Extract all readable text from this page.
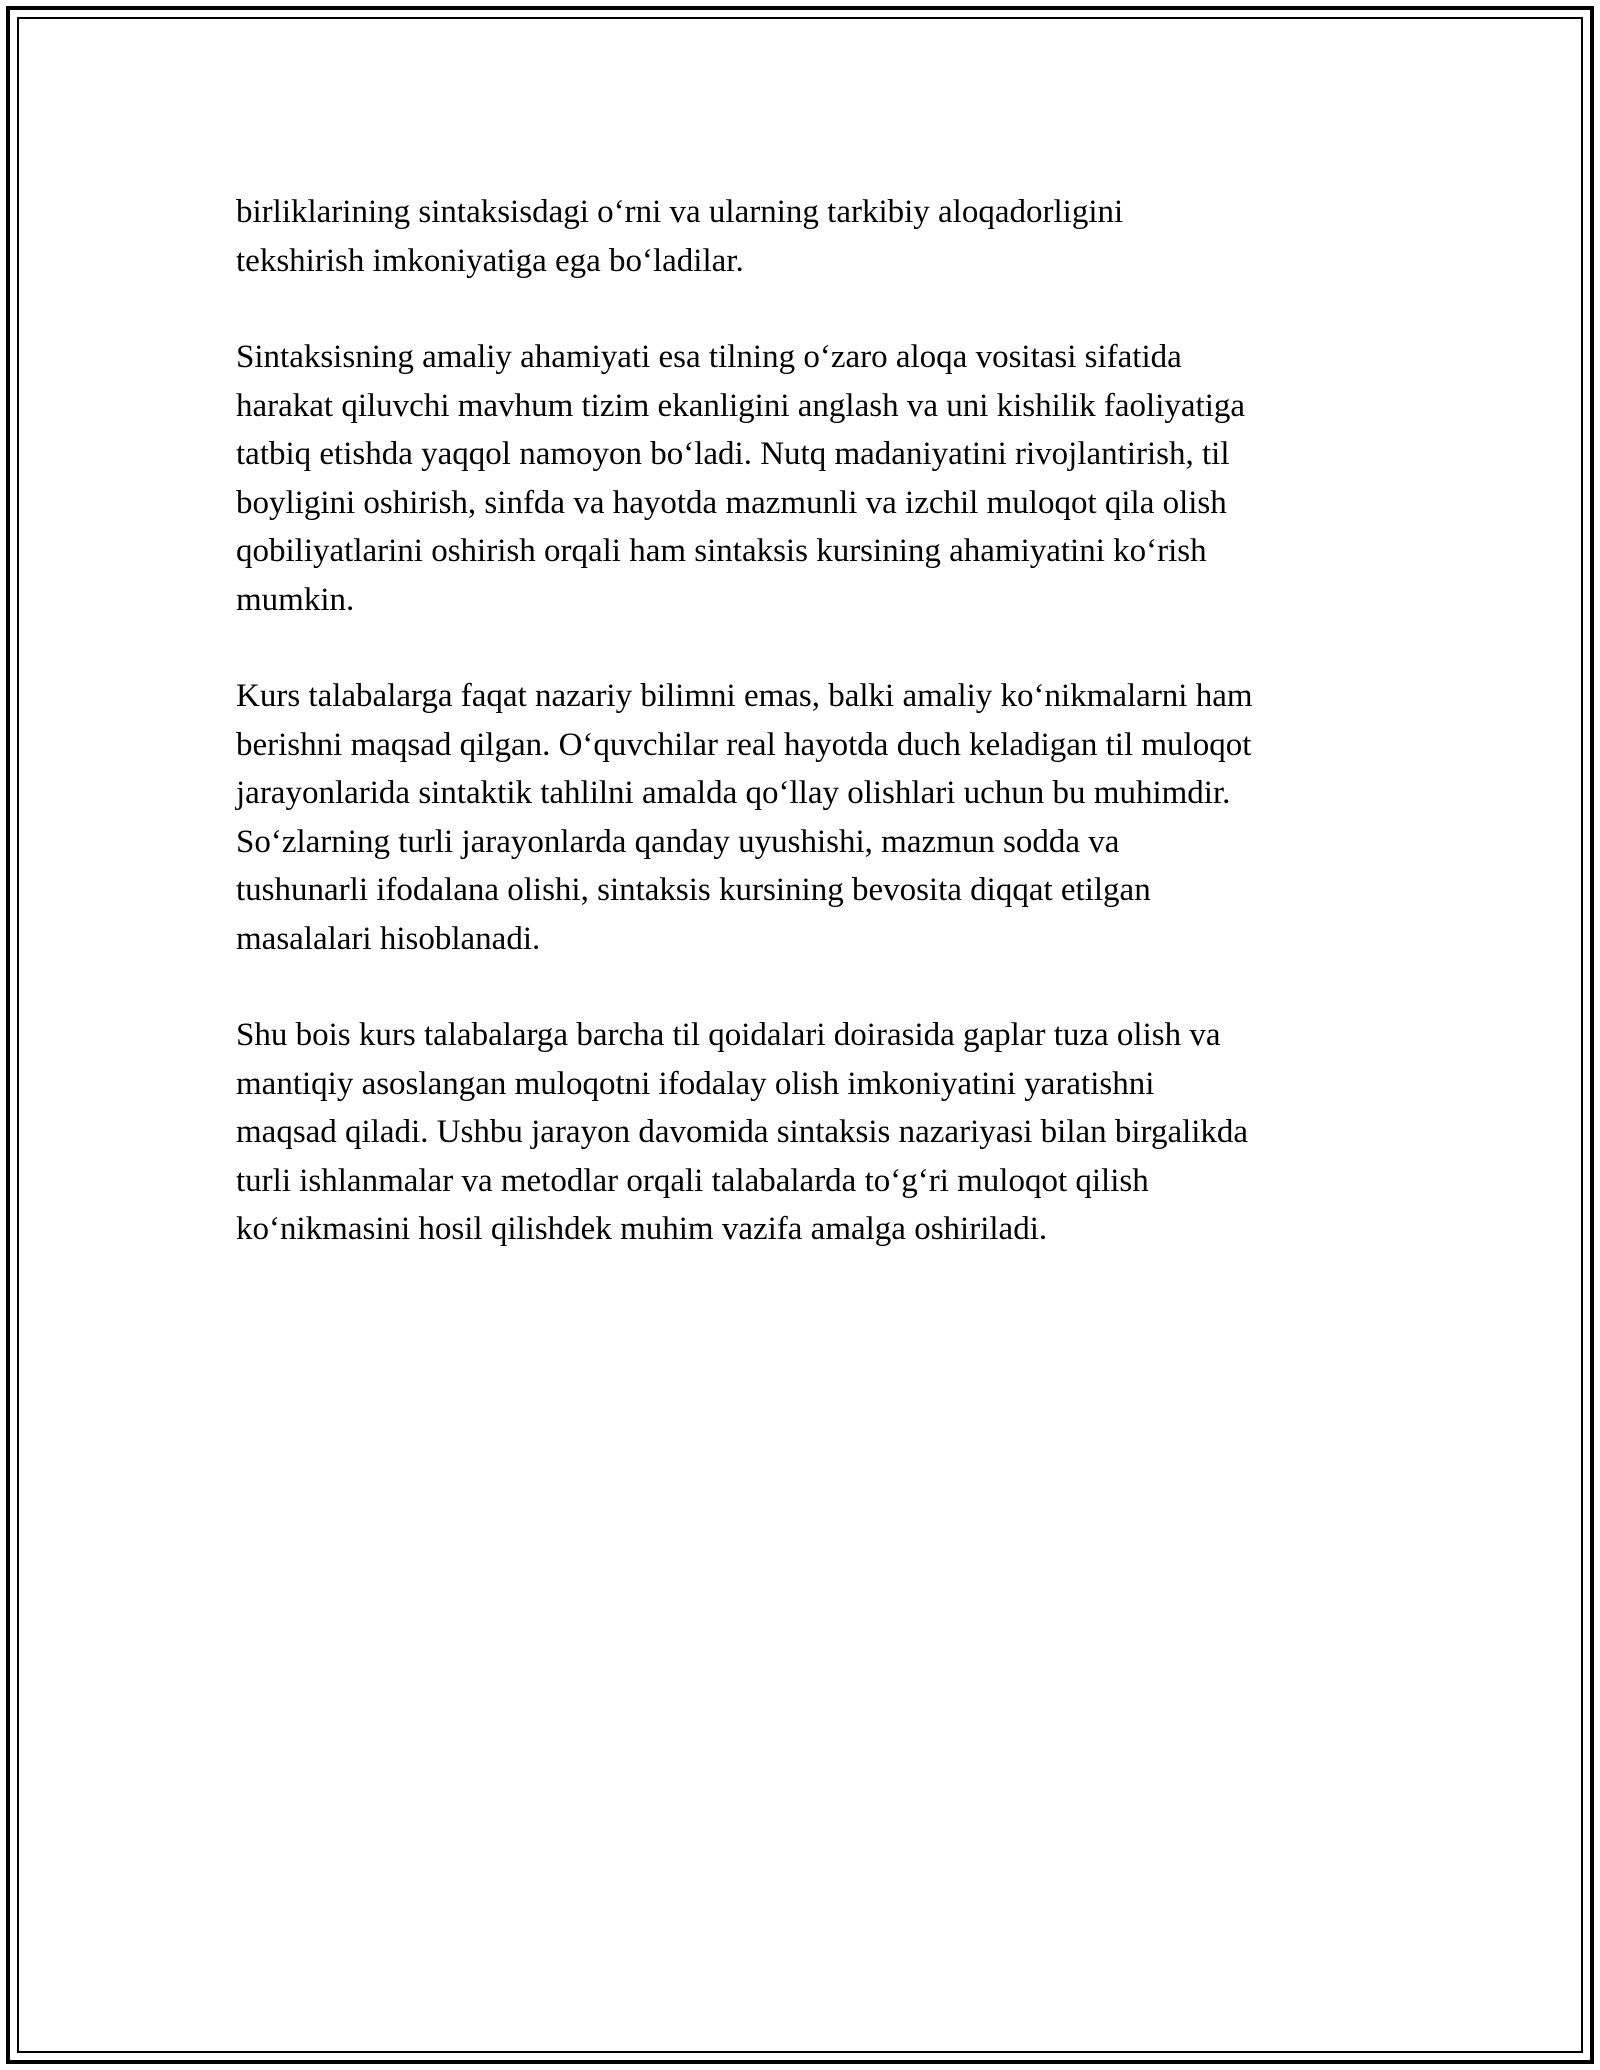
birliklarining sintaksisdagi o‘rni va ularning tarkibiy aloqadorligini
tekshirish imkoniyatiga ega bo‘ladilar.

Sintaksisning amaliy ahamiyati esa tilning o‘zaro aloqa vositasi sifatida
harakat qiluvchi mavhum tizim ekanligini anglash va uni kishilik faoliyatiga
tatbiq etishda yaqqol namoyon bo‘ladi. Nutq madaniyatini rivojlantirish, til
boyligini oshirish, sinfda va hayotda mazmunli va izchil muloqot qila olish
qobiliyatlarini oshirish orqali ham sintaksis kursining ahamiyatini ko‘rish
mumkin.

Kurs talabalarga faqat nazariy bilimni emas, balki amaliy ko‘nikmalarni ham
berishni maqsad qilgan. O‘quvchilar real hayotda duch keladigan til muloqot
jarayonlarida sintaktik tahlilni amalda qo‘llay olishlari uchun bu muhimdir.
So‘zlarning turli jarayonlarda qanday uyushishi, mazmun sodda va
tushunarli ifodalana olishi, sintaksis kursining bevosita diqqat etilgan
masalalari hisoblanadi.

Shu bois kurs talabalarga barcha til qoidalari doirasida gaplar tuza olish va
mantiqiy asoslangan muloqotni ifodalay olish imkoniyatini yaratishni
maqsad qiladi. Ushbu jarayon davomida sintaksis nazariyasi bilan birgalikda
turli ishlanmalar va metodlar orqali talabalarda to‘g‘ri muloqot qilish
ko‘nikmasini hosil qilishdek muhim vazifa amalga oshiriladi.
